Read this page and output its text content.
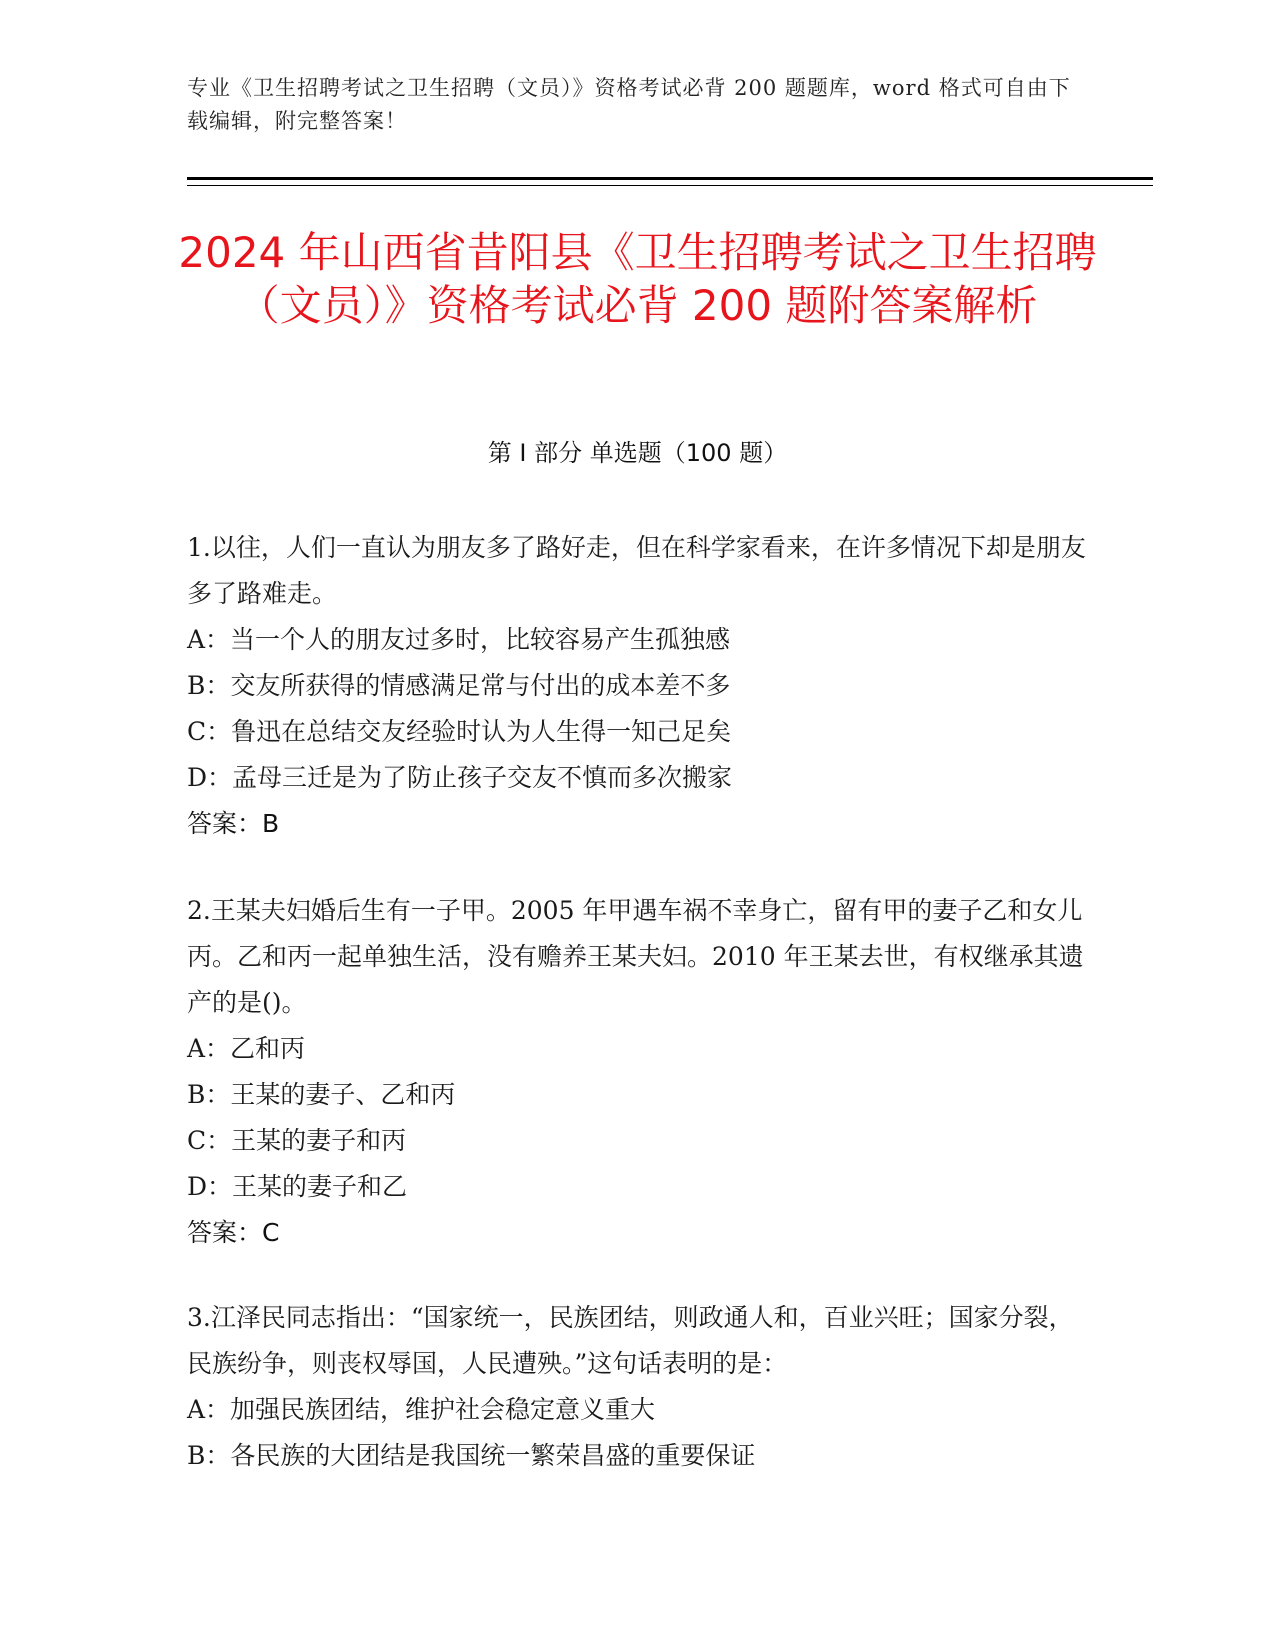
专业《卫生招聘考试之卫生招聘（文员）》资格考试必背 200 题题库，word 格式可自由下载编辑，附完整答案！
2024 年山西省昔阳县《卫生招聘考试之卫生招聘（文员）》资格考试必背 200 题附答案解析
第 I 部分 单选题（100 题）
1.以往，人们一直认为朋友多了路好走，但在科学家看来，在许多情况下却是朋友多了路难走。
A：当一个人的朋友过多时，比较容易产生孤独感
B：交友所获得的情感满足常与付出的成本差不多
C：鲁迅在总结交友经验时认为人生得一知己足矣
D：孟母三迁是为了防止孩子交友不慎而多次搬家
答案：B
2.王某夫妇婚后生有一子甲。2005 年甲遇车祸不幸身亡，留有甲的妻子乙和女儿丙。乙和丙一起单独生活，没有赡养王某夫妇。2010 年王某去世，有权继承其遗产的是()。
A：乙和丙
B：王某的妻子、乙和丙
C：王某的妻子和丙
D：王某的妻子和乙
答案：C
3.江泽民同志指出：“国家统一，民族团结，则政通人和，百业兴旺；国家分裂，民族纷争，则丧权辱国，人民遭殃。”这句话表明的是：
A：加强民族团结，维护社会稳定意义重大
B：各民族的大团结是我国统一繁荣昌盛的重要保证
